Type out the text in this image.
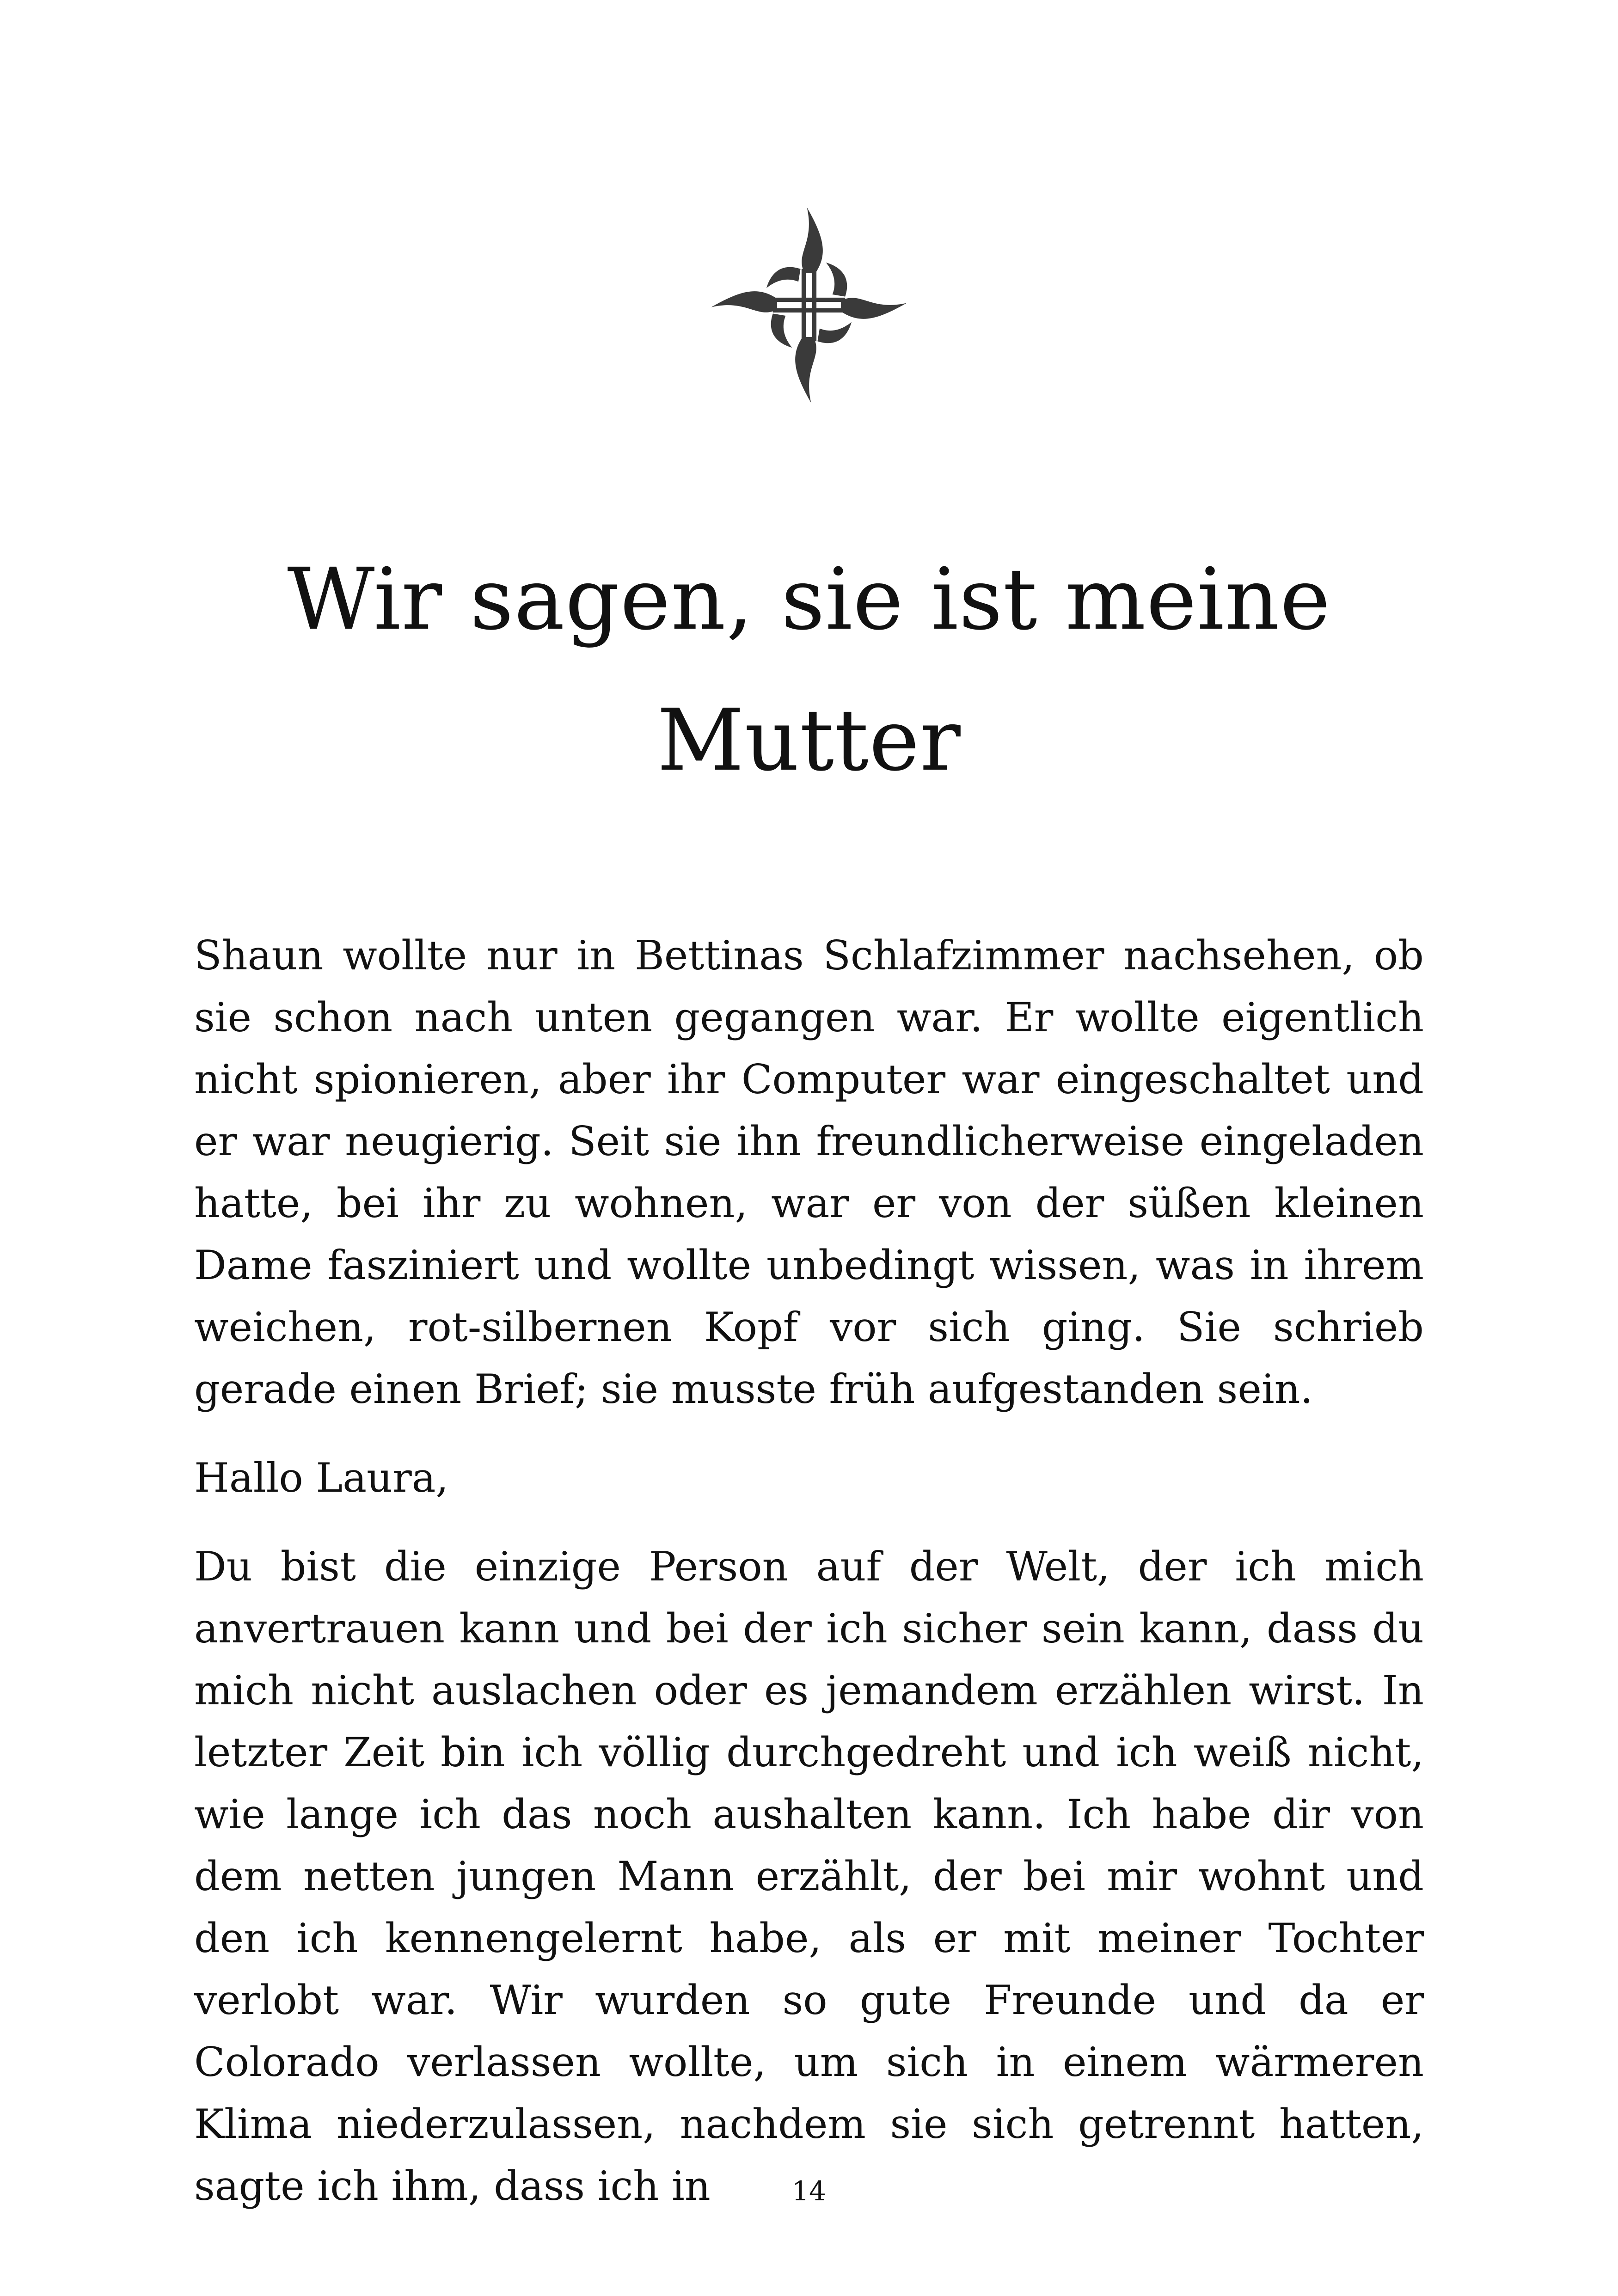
Wir sagen, sie ist meine Mutter

Shaun wollte nur in Bettinas Schlafzimmer nachsehen, ob sie schon nach unten gegangen war. Er wollte eigentlich nicht spionieren, aber ihr Computer war eingeschaltet und er war neugierig. Seit sie ihn freundlicherweise eingeladen hatte, bei ihr zu wohnen, war er von der süßen kleinen Dame fasziniert und wollte unbedingt wissen, was in ihrem weichen, rot-silbernen Kopf vor sich ging. Sie schrieb gerade einen Brief; sie musste früh aufgestanden sein.

Hallo Laura,

Du bist die einzige Person auf der Welt, der ich mich anvertrauen kann und bei der ich sicher sein kann, dass du mich nicht auslachen oder es jemandem erzählen wirst. In letzter Zeit bin ich völlig durchgedreht und ich weiß nicht, wie lange ich das noch aushalten kann. Ich habe dir von dem netten jungen Mann erzählt, der bei mir wohnt und den ich kennengelernt habe, als er mit meiner Tochter verlobt war. Wir wurden so gute Freunde und da er Colorado verlassen wollte, um sich in einem wärmeren Klima niederzulassen, nachdem sie sich getrennt hatten, sagte ich ihm, dass ich in	14
